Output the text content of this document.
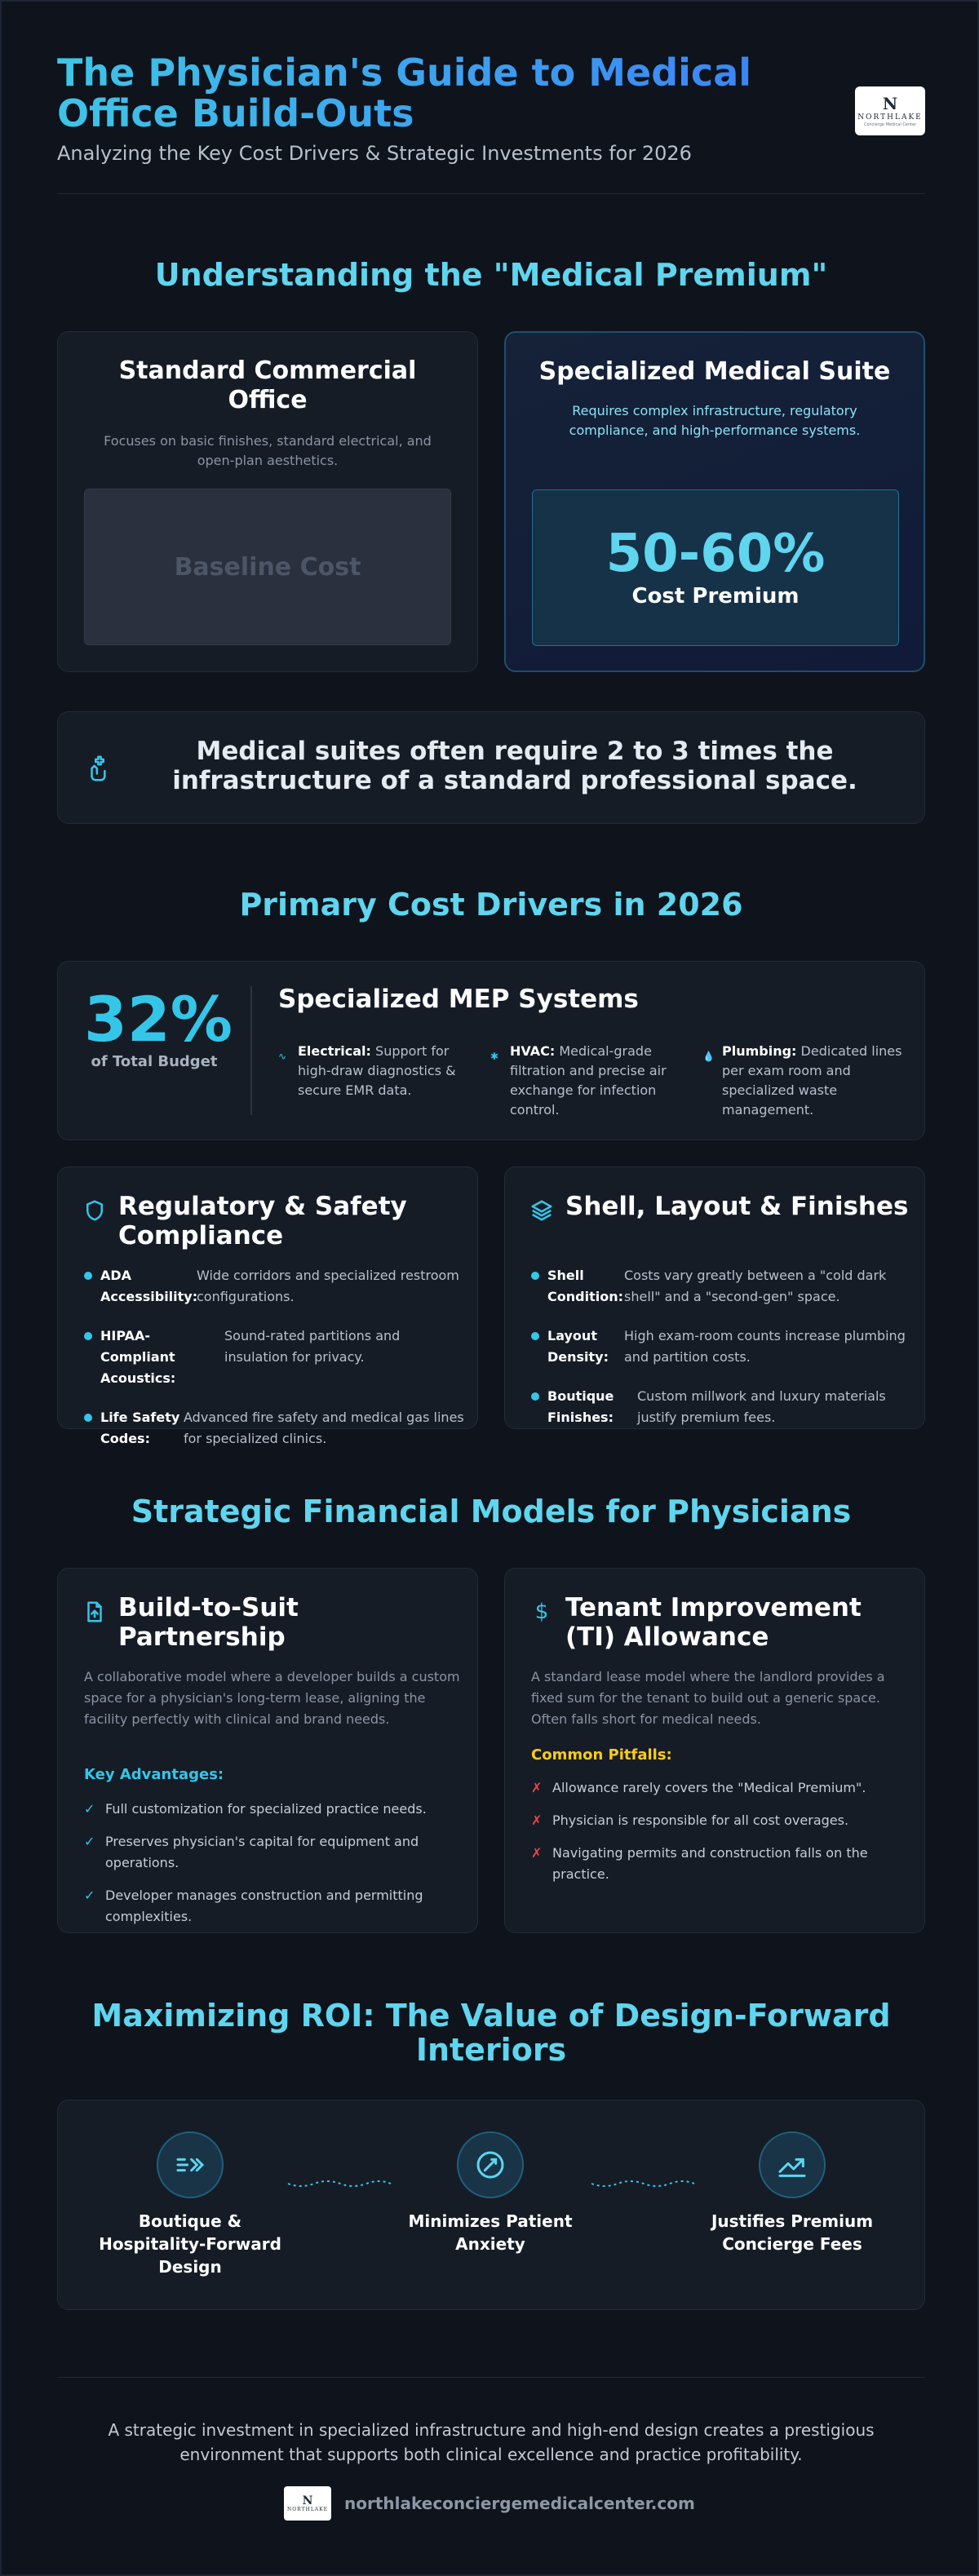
The Physician's Guide to Medical Office Build-Outs
Analyzing the Key Cost Drivers & Strategic Investments for 2026
N
NORTHLAKE
Concierge Medical Center
Understanding the "Medical Premium"
Standard Commercial Office
Focuses on basic finishes, standard electrical, and open-plan aesthetics.
Baseline Cost
Specialized Medical Suite
Requires complex infrastructure, regulatory compliance, and high-performance systems.
50-60%
Cost Premium
Medical suites often require 2 to 3 times the infrastructure of a standard professional space.
Primary Cost Drivers in 2026
32%
of Total Budget
Specialized MEP Systems
∿ Electrical: Support for high-draw diagnostics & secure EMR data.
✱ HVAC: Medical-grade filtration and precise air exchange for infection control.
💧 Plumbing: Dedicated lines per exam room and specialized waste management.
Regulatory & Safety Compliance
ADA Accessibility:
Wide corridors and specialized restroom configurations.
HIPAA-Compliant Acoustics:
Sound-rated partitions and insulation for privacy.
Life Safety Codes:
Advanced fire safety and medical gas lines for specialized clinics.
Shell, Layout & Finishes
Shell Condition:
Costs vary greatly between a "cold dark shell" and a "second-gen" space.
Layout Density:
High exam-room counts increase plumbing and partition costs.
Boutique Finishes:
Custom millwork and luxury materials justify premium fees.
Strategic Financial Models for Physicians
Build-to-Suit Partnership
A collaborative model where a developer builds a custom space for a physician's long-term lease, aligning the facility perfectly with clinical and brand needs.
Key Advantages:
✓ Full customization for specialized practice needs.
✓ Preserves physician's capital for equipment and operations.
✓ Developer manages construction and permitting complexities.
$ Tenant Improvement (TI) Allowance
A standard lease model where the landlord provides a fixed sum for the tenant to build out a generic space. Often falls short for medical needs.
Common Pitfalls:
✗ Allowance rarely covers the "Medical Premium".
✗ Physician is responsible for all cost overages.
✗ Navigating permits and construction falls on the practice.
Maximizing ROI: The Value of Design-Forward Interiors
Boutique & Hospitality-Forward Design
Minimizes Patient Anxiety
Justifies Premium Concierge Fees
A strategic investment in specialized infrastructure and high-end design creates a prestigious environment that supports both clinical excellence and practice profitability.
N
NORTHLAKE northlakeconciergemedicalcenter.com
